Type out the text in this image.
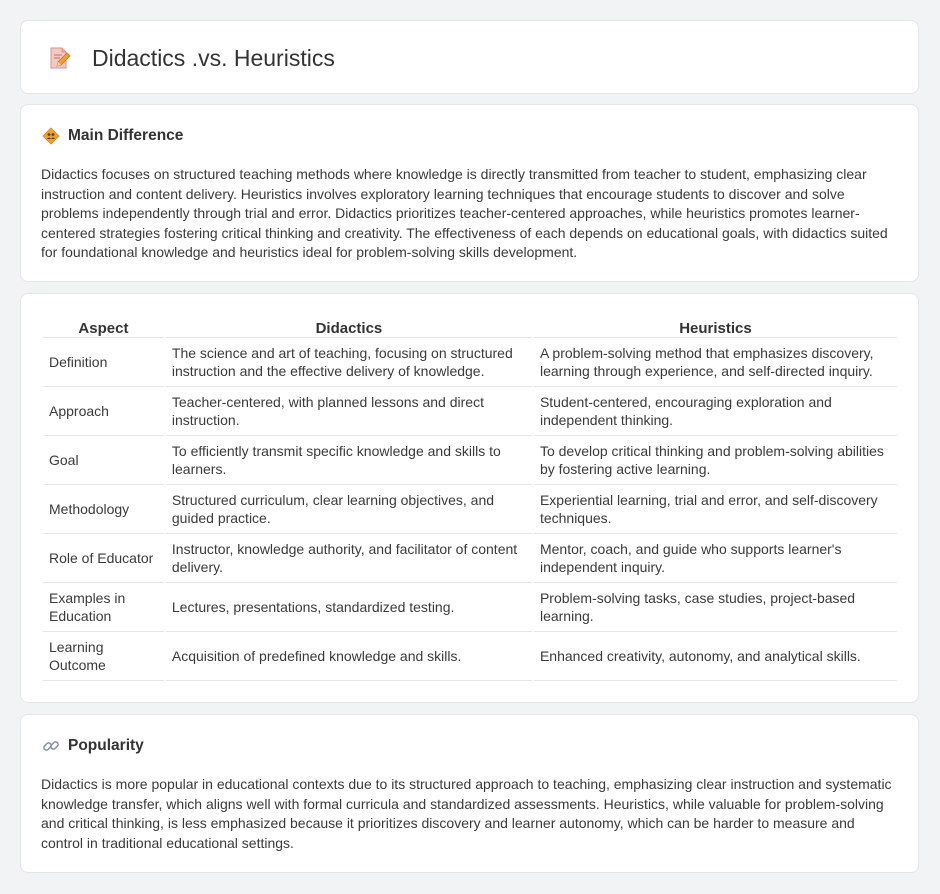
Didactics .vs. Heuristics
Main Difference

Didactics focuses on structured teaching methods where knowledge is directly transmitted from teacher to student, emphasizing clear instruction and content delivery. Heuristics involves exploratory learning techniques that encourage students to discover and solve problems independently through trial and error. Didactics prioritizes teacher-centered approaches, while heuristics promotes learner-centered strategies fostering critical thinking and creativity. The effectiveness of each depends on educational goals, with didactics suited for foundational knowledge and heuristics ideal for problem-solving skills development.

Aspect	Didactics	Heuristics
Definition	The science and art of teaching, focusing on structured instruction and the effective delivery of knowledge.	A problem-solving method that emphasizes discovery, learning through experience, and self-directed inquiry.
Approach	Teacher-centered, with planned lessons and direct instruction.	Student-centered, encouraging exploration and independent thinking.
Goal	To efficiently transmit specific knowledge and skills to learners.	To develop critical thinking and problem-solving abilities by fostering active learning.
Methodology	Structured curriculum, clear learning objectives, and guided practice.	Experiential learning, trial and error, and self-discovery techniques.
Role of Educator	Instructor, knowledge authority, and facilitator of content delivery.	Mentor, coach, and guide who supports learner's independent inquiry.
Examples in Education	Lectures, presentations, standardized testing.	Problem-solving tasks, case studies, project-based learning.
Learning Outcome	Acquisition of predefined knowledge and skills.	Enhanced creativity, autonomy, and analytical skills.
Popularity

Didactics is more popular in educational contexts due to its structured approach to teaching, emphasizing clear instruction and systematic knowledge transfer, which aligns well with formal curricula and standardized assessments. Heuristics, while valuable for problem-solving and critical thinking, is less emphasized because it prioritizes discovery and learner autonomy, which can be harder to measure and control in traditional educational settings.
